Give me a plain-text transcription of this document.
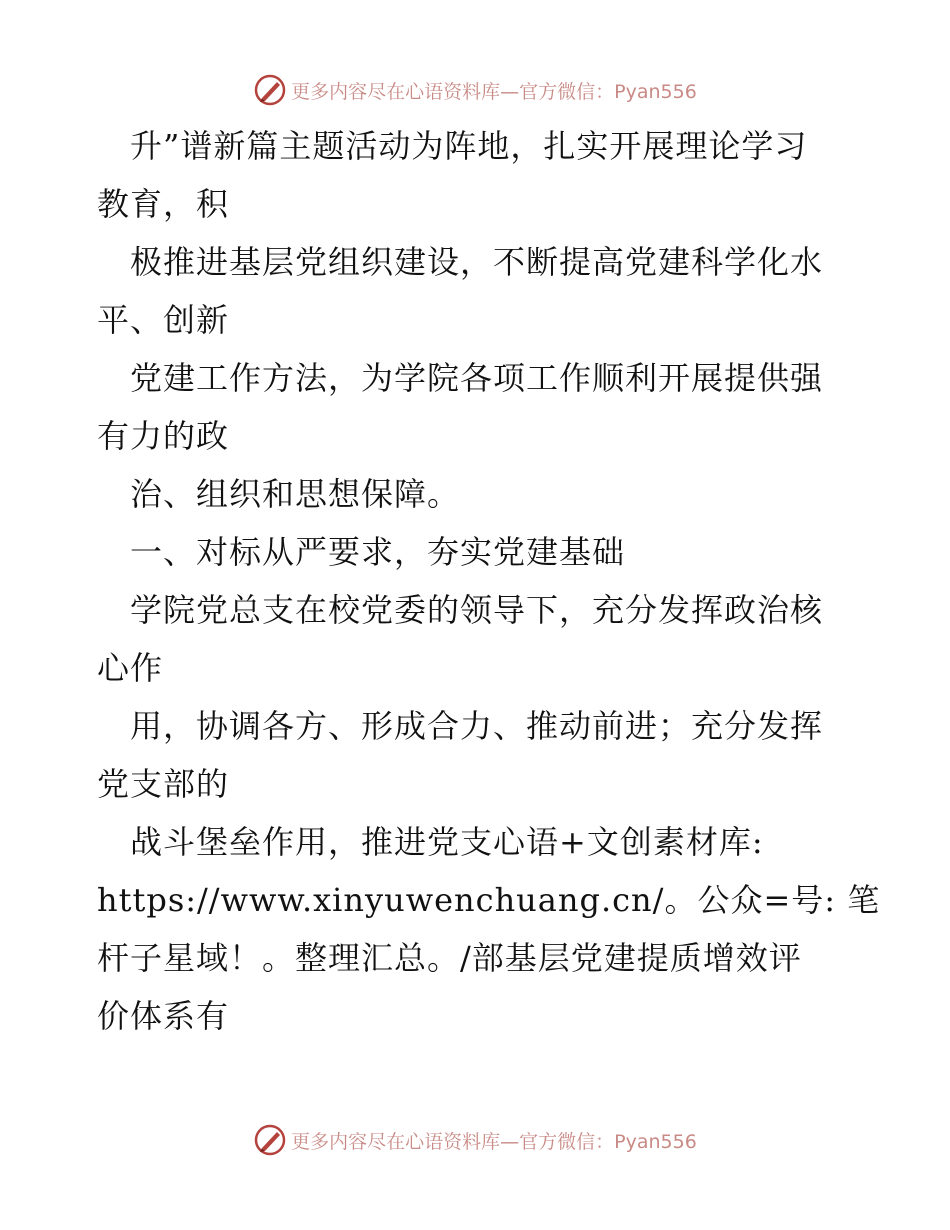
更多内容尽在心语资料库—官方微信：Pyan556
　升”谱新篇主题活动为阵地，扎实开展理论学习
教育，积
　极推进基层党组织建设，不断提高党建科学化水
平、创新
　党建工作方法，为学院各项工作顺利开展提供强
有力的政
　治、组织和思想保障。
　一、对标从严要求，夯实党建基础
　学院党总支在校党委的领导下，充分发挥政治核
心作
　用，协调各方、形成合力、推动前进；充分发挥
党支部的
　战斗堡垒作用，推进党支心语+文创素材库:
https://www.xinyuwenchuang.cn/。公众=号: 笔
杆子星域！。整理汇总。/部基层党建提质增效评
价体系有
更多内容尽在心语资料库—官方微信：Pyan556
